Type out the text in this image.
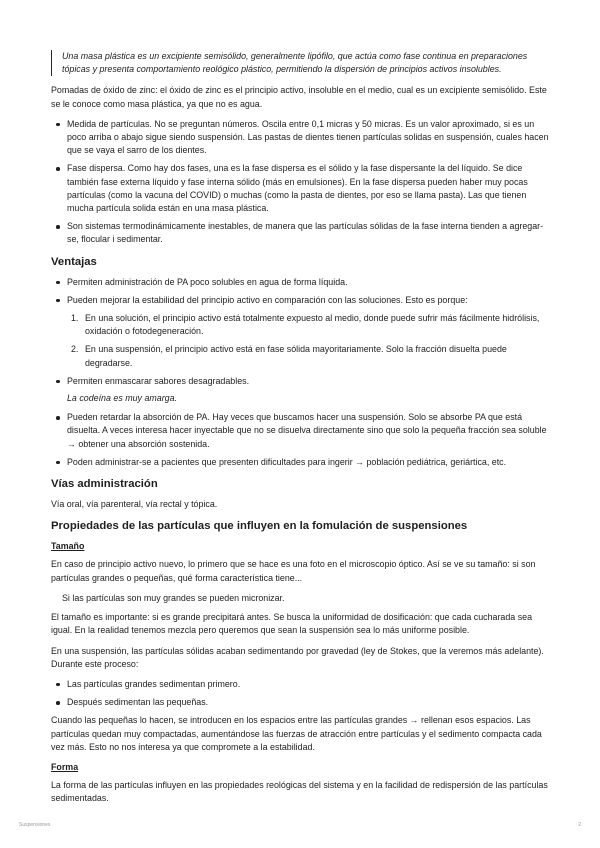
Una masa plástica es un excipiente semisólido, generalmente lipófilo, que actúa como fase continua en preparaciones tópicas y presenta comportamiento reológico plástico, permitiendo la dispersión de principios activos insolubles.

Pomadas de óxido de zinc: el óxido de zinc es el principio activo, insoluble en el medio, cual es un excipiente semisólido. Este se le conoce como masa plástica, ya que no es agua.

Medida de partículas. No se preguntan números. Oscila entre 0,1 micras y 50 micras. Es un valor aproximado, si es un poco arriba o abajo sigue siendo suspensión. Las pastas de dientes tienen partículas solidas en suspensión, cuales hacen que se vaya el sarro de los dientes.
Fase dispersa. Como hay dos fases, una es la fase dispersa es el sólido y la fase dispersante la del líquido. Se dice también fase externa líquido y fase interna sólido (más en emulsiones). En la fase dispersa pueden haber muy pocas partículas (como la vacuna del COVID) o muchas (como la pasta de dientes, por eso se llama pasta). Las que tienen mucha partícula solida están en una masa plástica.
Son sistemas termodinámicamente inestables, de manera que las partículas sólidas de la fase interna tienden a agregar-se, flocular i sedimentar.
Ventajas
Permiten administración de PA poco solubles en agua de forma líquida.
Pueden mejorar la estabilidad del principio activo en comparación con las soluciones. Esto es porque:
1. En una solución, el principio activo está totalmente expuesto al medio, donde puede sufrir más fácilmente hidrólisis, oxidación o fotodegeneración.
2. En una suspensión, el principio activo está en fase sólida mayoritariamente. Solo la fracción disuelta puede degradarse.
Permiten enmascarar sabores desagradables.
La codeína es muy amarga.
Pueden retardar la absorción de PA. Hay veces que buscamos hacer una suspensión. Solo se absorbe PA que está disuelta. A veces interesa hacer inyectable que no se disuelva directamente sino que solo la pequeña fracción sea soluble → obtener una absorción sostenida.
Poden administrar-se a pacientes que presenten dificultades para ingerir → población pediátrica, geriártica, etc.
Vías administración

Vía oral, vía parenteral, vía rectal y tópica.

Propiedades de las partículas que influyen en la fomulación de suspensiones
Tamaño

En caso de principio activo nuevo, lo primero que se hace es una foto en el microscopio óptico. Así se ve su tamaño: si son partículas grandes o pequeñas, qué forma característica tiene...

Si las partículas son muy grandes se pueden micronizar.

El tamaño es importante: si es grande precipitará antes. Se busca la uniformidad de dosificación: que cada cucharada sea igual. En la realidad tenemos mezcla pero queremos que sean la suspensión sea lo más uniforme posible.

En una suspensión, las partículas sólidas acaban sedimentando por gravedad (ley de Stokes, que la veremos más adelante). Durante este proceso:

Las partículas grandes sedimentan primero.
Después sedimentan las pequeñas.

Cuando las pequeñas lo hacen, se introducen en los espacios entre las partículas grandes → rellenan esos espacios. Las partículas quedan muy compactadas, aumentándose las fuerzas de atracción entre partículas y el sedimento compacta cada vez más. Esto no nos interesa ya que compromete a la estabilidad.

Forma

La forma de las partículas influyen en las propiedades reológicas del sistema y en la facilidad de redispersión de las partículas sedimentadas.

Suspensiones	2
